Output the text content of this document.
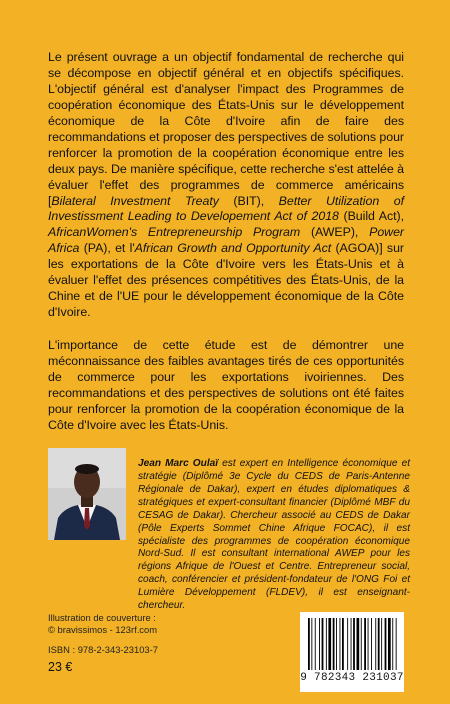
Le présent ouvrage a un objectif fondamental de recherche qui se décompose en objectif général et en objectifs spécifiques. L'objectif général est d'analyser l'impact des Programmes de coopération économique des États-Unis sur le développement économique de la Côte d'Ivoire afin de faire des recommandations et proposer des perspectives de solutions pour renforcer la promotion de la coopération économique entre les deux pays. De manière spécifique, cette recherche s'est attelée à évaluer l'effet des programmes de commerce américains [Bilateral Investment Treaty (BIT), Better Utilization of Investissment Leading to Developement Act of 2018 (Build Act), AfricanWomen's Entrepreneurship Program (AWEP), Power Africa (PA), et l'African Growth and Opportunity Act (AGOA)] sur les exportations de la Côte d'Ivoire vers les États-Unis et à évaluer l'effet des présences compétitives des États-Unis, de la Chine et de l'UE pour le développement économique de la Côte d'Ivoire.

L'importance de cette étude est de démontrer une méconnaissance des faibles avantages tirés de ces opportunités de commerce pour les exportations ivoiriennes. Des recommandations et des perspectives de solutions ont été faites pour renforcer la promotion de la coopération économique de la Côte d'Ivoire avec les États-Unis.

Jean Marc Oulaï est expert en Intelligence économique et stratégie (Diplômé 3e Cycle du CEDS de Paris-Antenne Régionale de Dakar), expert en études diplomatiques & stratégiques et expert-consultant financier (Diplômé MBF du CESAG de Dakar). Chercheur associé au CEDS de Dakar (Pôle Experts Sommet Chine Afrique FOCAC), il est spécialiste des programmes de coopération économique Nord-Sud. Il est consultant international AWEP pour les régions Afrique de l'Ouest et Centre. Entrepreneur social, coach, conférencier et président-fondateur de l'ONG Foi et Lumière Développement (FLDEV), il est enseignant-chercheur.

Illustration de couverture :
© bravissimos - 123rf.com
ISBN : 978-2-343-23103-7
23 €
9 782343 231037
